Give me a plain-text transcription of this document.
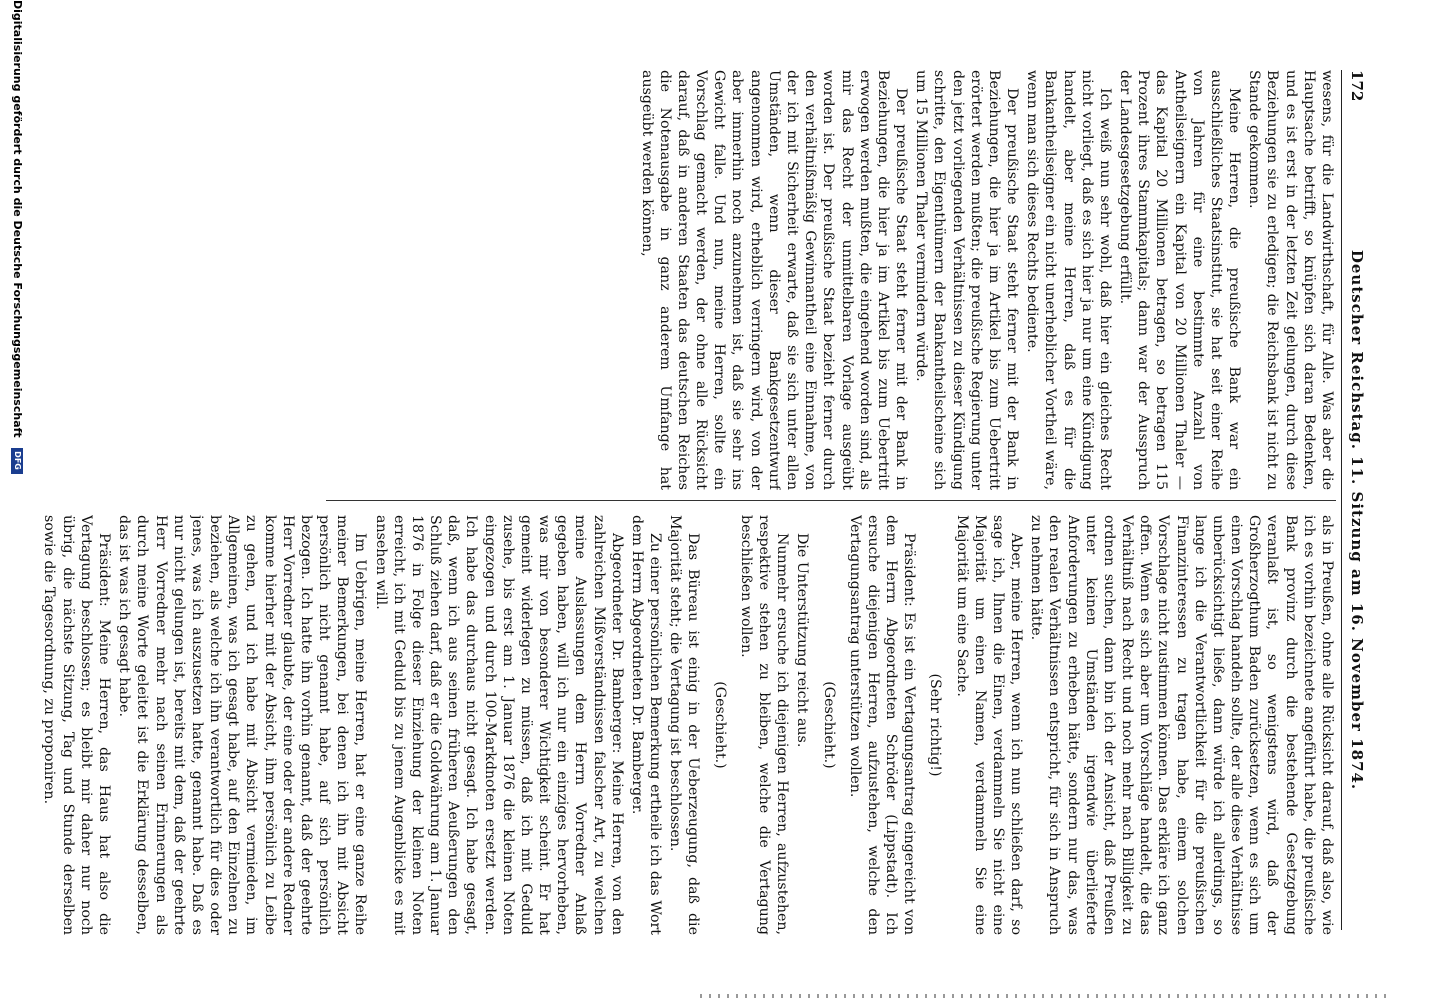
172
Deutscher Reichstag. 11. Sitzung am 16. November 1874.

wesens, für die Landwirthschaft, für Alle. Was aber die Hauptsache betrifft, so knüpfen sich daran Bedenken, und es ist erst in der letzten Zeit gelungen, durch diese Beziehungen sie zu erledigen; die Reichsbank ist nicht zu Stande gekommen.

Meine Herren, die preußische Bank war ein ausschließliches Staatsinstitut, sie hat seit einer Reihe von Jahren für eine bestimmte Anzahl von Antheilseignern ein Kapital von 20 Millionen Thaler — das Kapital 20 Millionen betragen, so betragen 115 Prozent ihres Stammkapitals; dann war der Ausspruch der Landesgesetzgebung erfüllt.

Ich weiß nun sehr wohl, daß hier ein gleiches Recht nicht vorliegt, daß es sich hier ja nur um eine Kündigung handelt, aber meine Herren, daß es für die Bankantheilseigner ein nicht unerheblicher Vortheil wäre, wenn man sich dieses Rechts bediente.

Der preußische Staat steht ferner mit der Bank in Beziehungen, die hier ja im Artikel bis zum Uebertritt erörtert werden mußten; die preußische Regierung unter den jetzt vorliegenden Verhältnissen zu dieser Kündigung schritte, den Eigenthümern der Bankantheilscheine sich um 15 Millionen Thaler vermindern würde.

Der preußische Staat steht ferner mit der Bank in Beziehungen, die hier ja im Artikel bis zum Uebertritt erwogen werden mußten, die eingehend worden sind, als mir das Recht der unmittelbaren Vorlage ausgeübt worden ist. Der preußische Staat bezieht ferner durch den verhältnißmäßig Gewinnantheil eine Einnahme, von der ich mit Sicherheit erwarte, daß sie sich unter allen Umständen, wenn dieser Bankgesetzentwurf angenommen wird, erheblich verringern wird, von der aber immerhin noch anzunehmen ist, daß sie sehr ins Gewicht falle. Und nun, meine Herren, sollte ein Vorschlag gemacht werden, der ohne alle Rücksicht darauf, daß in anderen Staaten das deutschen Reiches die Notenausgabe in ganz anderem Umfange hat ausgeübt werden können,

als in Preußen, ohne alle Rücksicht darauf, daß also, wie ich es vorhin bezeichnete angeführt habe, die preußische Bank provinz durch die bestehende Gesetzgebung veranlaßt ist, so wenigstens wird, daß der Großherzogthum Baden zurücksetzen, wenn es sich um einen Vorschlag handeln sollte, der alle diese Verhältnisse unberücksichtigt ließe, dann würde ich allerdings, so lange ich die Verantwortlichkeit für die preußischen Finanzinteressen zu tragen habe, einem solchen Vorschlage nicht zustimmen können. Das erkläre ich ganz offen. Wenn es sich aber um Vorschläge handelt, die das Verhältniß nach Recht und noch mehr nach Billigkeit zu ordnen suchen, dann bin ich der Ansicht, daß Preußen unter keinen Umständen irgendwie überlieferte Anforderungen zu erheben hätte, sondern nur das, was den realen Verhältnissen entspricht, für sich in Anspruch zu nehmen hätte.

Aber, meine Herren, wenn ich nun schließen darf, so sage ich, Ihnen die Einen, verdammeln Sie nicht eine Majorität um einen Namen, verdammeln Sie eine Majorität um eine Sache.

(Sehr richtig!)

Präsident: Es ist ein Vertagungsantrag eingereicht von dem Herrn Abgeordneten Schröder (Lippstadt). Ich ersuche diejenigen Herren, aufzustehen, welche den Vertagungsantrag unterstützen wollen.

(Geschieht.)

Die Unterstützung reicht aus.

Nunmehr ersuche ich diejenigen Herren, aufzustehen, respektive stehen zu bleiben, welche die Vertagung beschließen wollen.

(Geschieht.)

Das Büreau ist einig in der Ueberzeugung, daß die Majorität steht; die Vertagung ist beschlossen.

Zu einer persönlichen Bemerkung ertheile ich das Wort dem Herrn Abgeordneten Dr. Bamberger.

Abgeordneter Dr. Bamberger: Meine Herren, von den zahlreichen Mißverständnissen falscher Art, zu welchen meine Auslassungen dem Herrn Vorredner Anlaß gegeben haben, will ich nur ein einziges hervorheben, was mir von besonderer Wichtigkeit scheint. Er hat gemeint widerlegen zu müssen, daß ich mit Geduld zusehe, bis erst am 1. Januar 1876 die kleinen Noten eingezogen und durch 100-Markdnoten ersetzt werden. Ich habe das durchaus nicht gesagt. Ich habe gesagt, daß, wenn ich aus seinen früheren Aeußerungen den Schluß ziehen darf, daß er die Goldwährung am 1. Januar 1876 in Folge dieser Einziehung der kleinen Noten erreicht, ich mit Geduld bis zu jenem Augenblicke es mit ansehen will.

Im Uebrigen, meine Herren, hat er eine ganze Reihe meiner Bemerkungen, bei denen ich ihn mit Absicht persönlich nicht genannt habe, auf sich persönlich bezogen. Ich hatte ihn vorhin genannt, daß der geehrte Herr Vorredner glaubte, der eine oder der andere Redner komme hierher mit der Absicht, ihm persönlich zu Leibe zu gehen, und ich habe mit Absicht vermieden, im Allgemeinen, was ich gesagt habe, auf den Einzelnen zu beziehen, als welche ich ihn verantwortlich für dies oder jenes, was ich auszusetzen hatte, genannt habe. Daß es nur nicht gelungen ist, bereits mit dem, daß der geehrte Herr Vorredner mehr nach seinen Erinnerungen als durch meine Worte geleitet ist die Erklärung desselben, das ist was ich gesagt habe.

Präsident: Meine Herren, das Haus hat also die Vertagung beschlossen; es bleibt mir daher nur noch übrig, die nächste Sitzung, Tag und Stunde derselben sowie die Tagesordnung, zu proponiren.

Digitalisierung gefördert durch die Deutsche Forschungsgemeinschaft DFG
